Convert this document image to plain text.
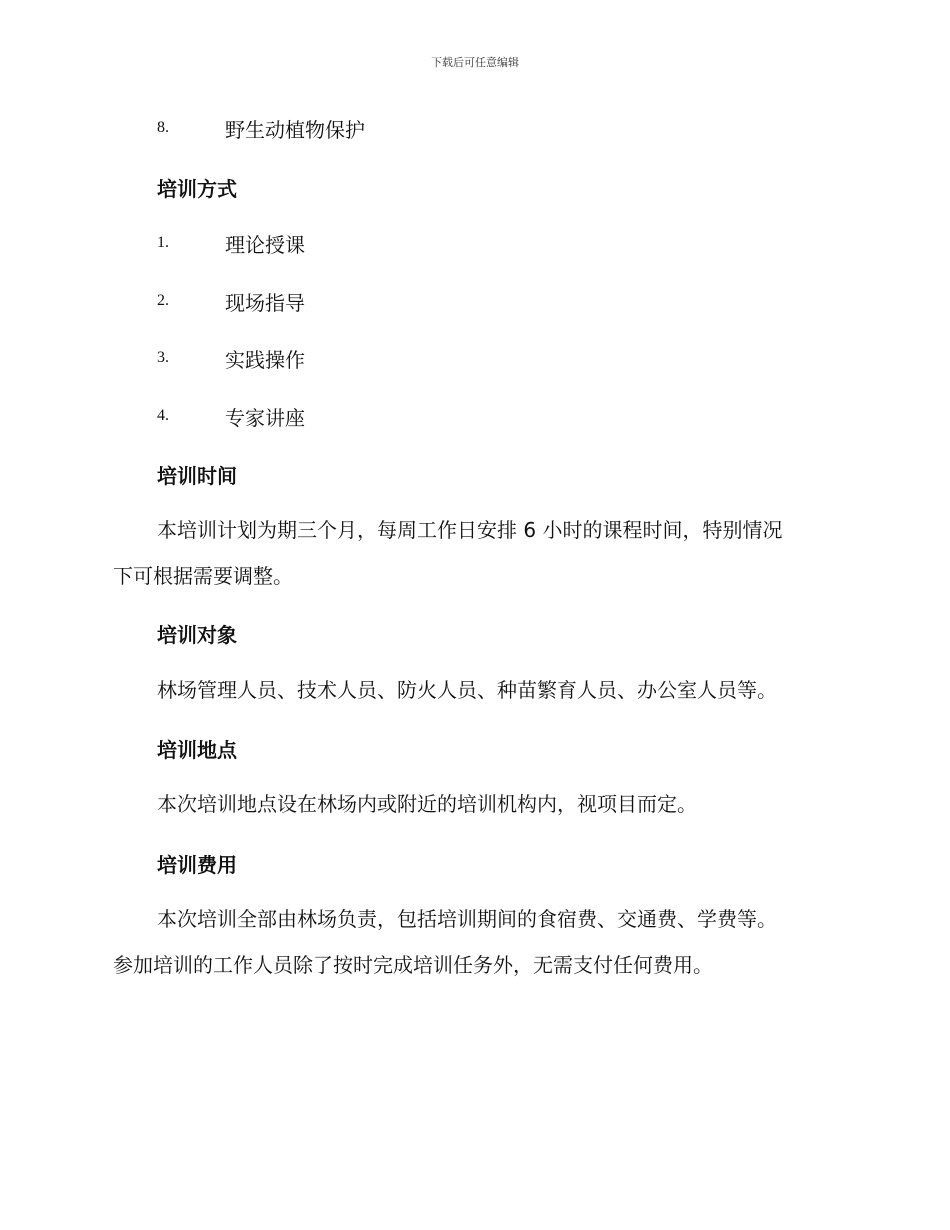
下载后可任意编辑
8.	野生动植物保护
培训方式
1.	理论授课
2.	现场指导
3.	实践操作
4.	专家讲座
培训时间
本培训计划为期三个月，每周工作日安排 6 小时的课程时间，特别情况
下可根据需要调整。
培训对象
林场管理人员、技术人员、防火人员、种苗繁育人员、办公室人员等。
培训地点
本次培训地点设在林场内或附近的培训机构内，视项目而定。
培训费用
本次培训全部由林场负责，包括培训期间的食宿费、交通费、学费等。
参加培训的工作人员除了按时完成培训任务外，无需支付任何费用。
